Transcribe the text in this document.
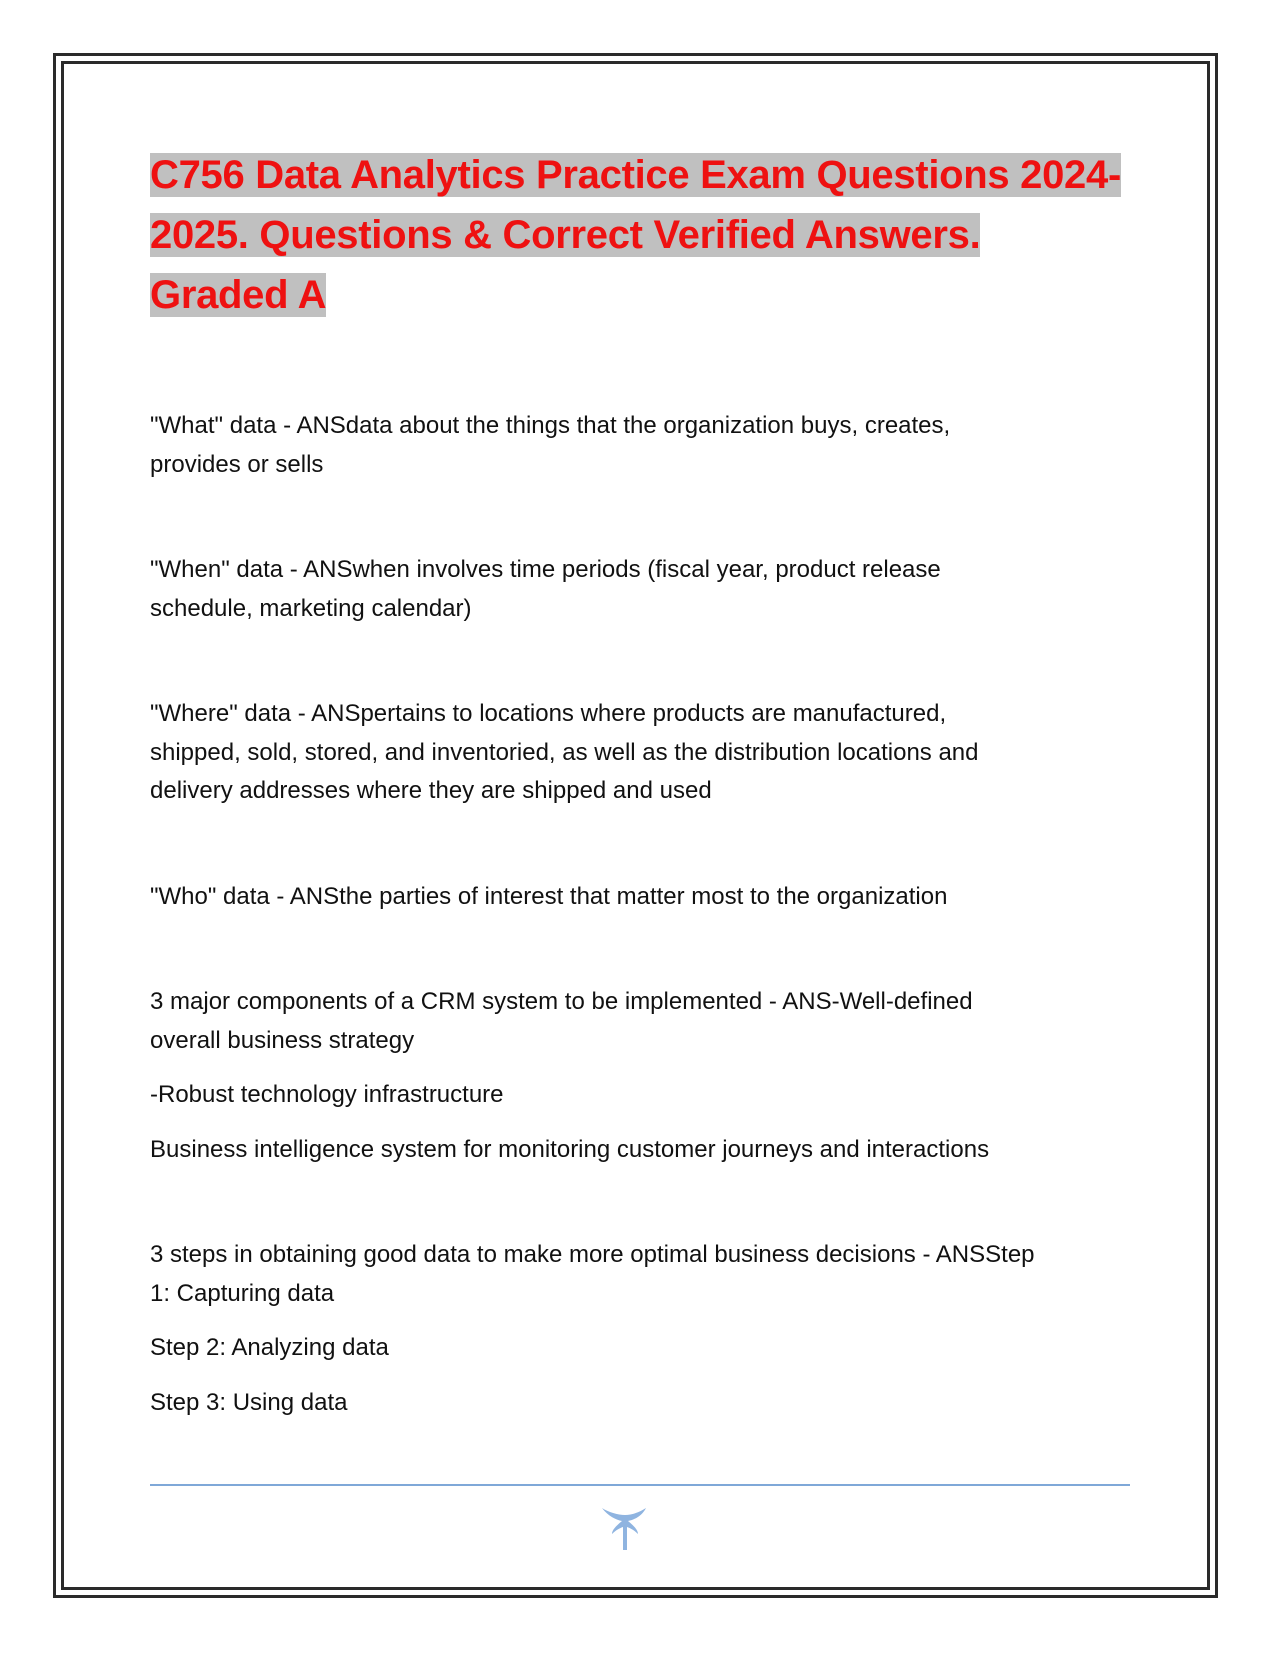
C756 Data Analytics Practice Exam Questions 2024-
2025. Questions & Correct Verified Answers.
Graded A
"What" data - ANSdata about the things that the organization buys, creates,
provides or sells
"When" data - ANSwhen involves time periods (fiscal year, product release
schedule, marketing calendar)
"Where" data - ANSpertains to locations where products are manufactured,
shipped, sold, stored, and inventoried, as well as the distribution locations and
delivery addresses where they are shipped and used
"Who" data - ANSthe parties of interest that matter most to the organization
3 major components of a CRM system to be implemented - ANS-Well-defined
overall business strategy

-Robust technology infrastructure

Business intelligence system for monitoring customer journeys and interactions

3 steps in obtaining good data to make more optimal business decisions - ANSStep
1: Capturing data

Step 2: Analyzing data

Step 3: Using data
